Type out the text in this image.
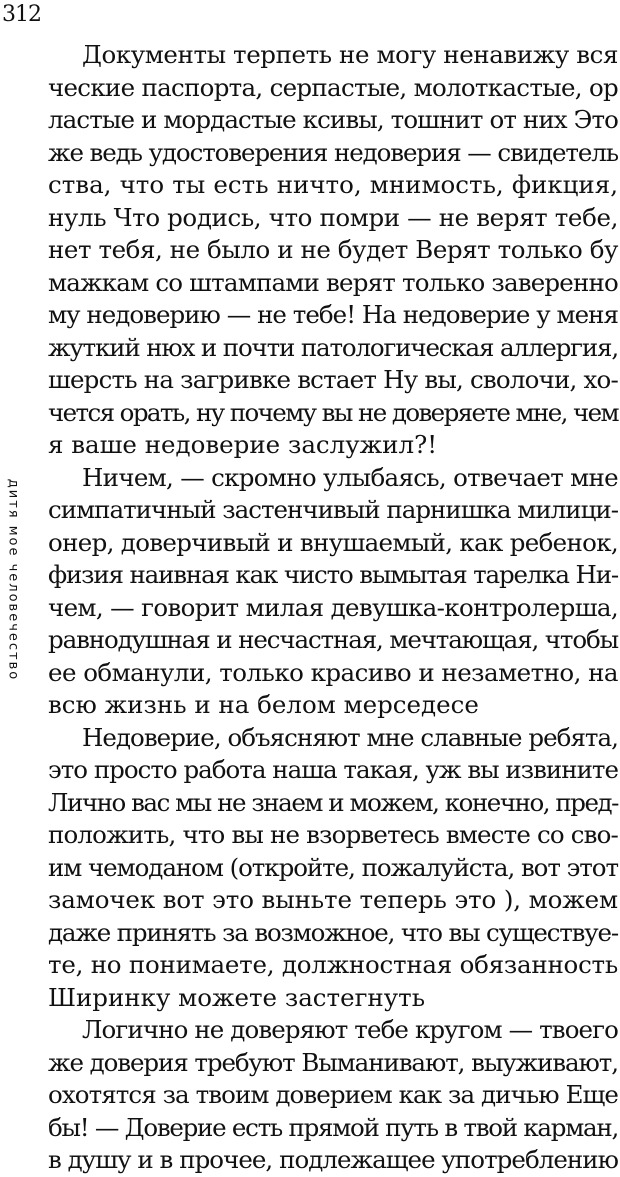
312
дитя мое человечество
Документы терпеть не могу ненавижу вся
ческие паспорта, серпастые, молоткастые, ор
ластые и мордастые ксивы, тошнит от них Это
же ведь удостоверения недоверия — свидетель
ства, что ты есть ничто, мнимость, фикция,
нуль Что родись, что помри — не верят тебе,
нет тебя, не было и не будет Верят только бу
мажкам со штампами верят только заверенно
му недоверию — не тебе! На недоверие у меня
жуткий нюх и почти патологическая аллергия,
шерсть на загривке встает Ну вы, сволочи, хо-
чется орать, ну почему вы не доверяете мне, чем
я ваше недоверие заслужил?!
Ничем, — скромно улыбаясь, отвечает мне
симпатичный застенчивый парнишка милици-
онер, доверчивый и внушаемый, как ребенок,
физия наивная как чисто вымытая тарелка Ни-
чем, — говорит милая девушка-контролерша,
равнодушная и несчастная, мечтающая, чтобы
ее обманули, только красиво и незаметно, на
всю жизнь и на белом мерседесе
Недоверие, объясняют мне славные ребята,
это просто работа наша такая, уж вы извините
Лично вас мы не знаем и можем, конечно, пред-
положить, что вы не взорветесь вместе со сво-
им чемоданом (откройте, пожалуйста, вот этот
замочек вот это выньте теперь это ), можем
даже принять за возможное, что вы существуе-
те, но понимаете, должностная обязанность
Ширинку можете застегнуть
Логично не доверяют тебе кругом — твоего
же доверия требуют Выманивают, выуживают,
охотятся за твоим доверием как за дичью Еще
бы! — Доверие есть прямой путь в твой карман,
в душу и в прочее, подлежащее употреблению
